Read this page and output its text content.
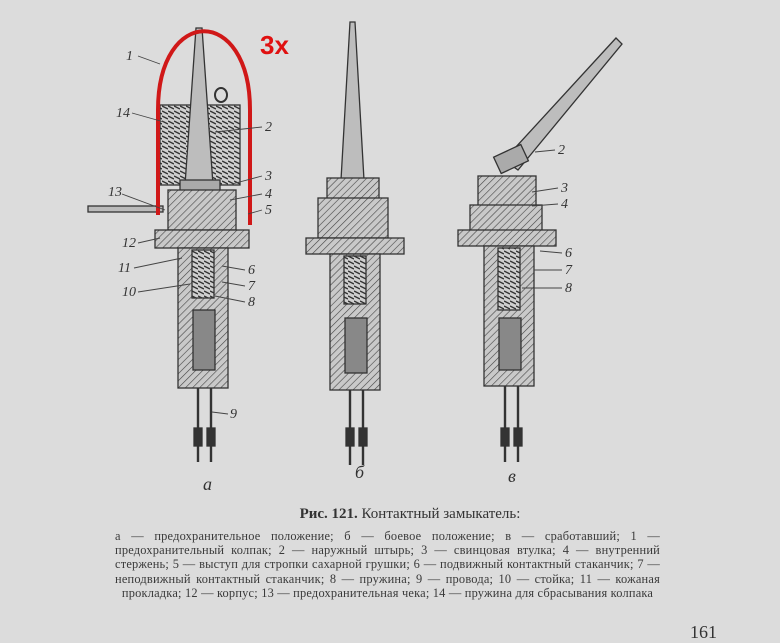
1
14
2
3
4
5
13
12
11	6
10	7
8
9
2
3
4
6
7
8
а
б	в
3x
Рис. 121. Контактный замыкатель:
а — предохранительное положение; б — боевое положение; в — сработавший; 1 — предохранительный колпак; 2 — наружный штырь; 3 — свинцовая втулка; 4 — внутренний стержень; 5 — выступ для стропки сахарной грушки; 6 — подвижный контактный стаканчик; 7 — неподвижный контактный стаканчик; 8 — пружина; 9 — провода; 10 — стойка; 11 — кожаная прокладка; 12 — корпус; 13 — предохранительная чека; 14 — пружина для сбрасывания колпака
161
